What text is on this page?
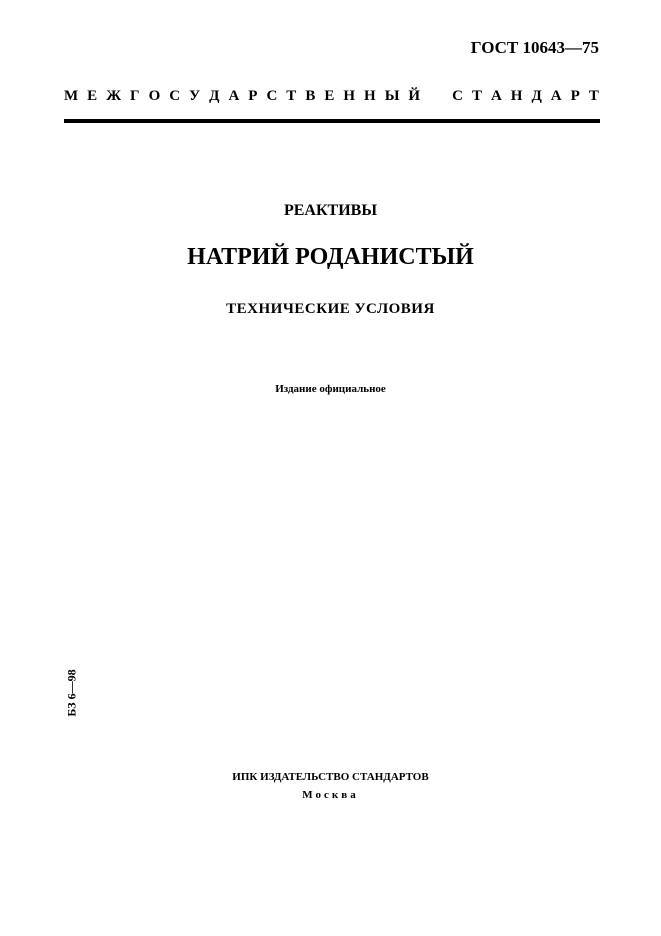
ГОСТ 10643—75
М Е Ж Г О С У Д А Р С Т В Е Н Н Ы Й
С Т А Н Д А Р Т
РЕАКТИВЫ
НАТРИЙ РОДАНИСТЫЙ
ТЕХНИЧЕСКИЕ УСЛОВИЯ
Издание официальное
БЗ 6—98
ИПК ИЗДАТЕЛЬСТВО СТАНДАРТОВ
Москва
